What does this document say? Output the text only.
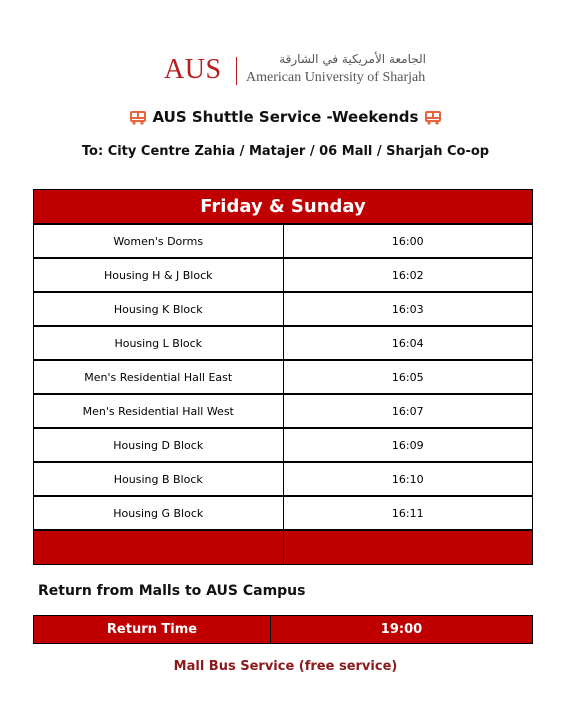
AUS	الجامعة الأمريكية في الشارقة
American University of Sharjah
AUS Shuttle Service -Weekends
To: City Centre Zahia / Matajer / 06 Mall / Sharjah Co-op
Friday & Sunday	
Women's Dorms	16:00
Housing H & J Block	16:02
Housing K Block	16:03
Housing L Block	16:04
Men's Residential Hall East	16:05
Men's Residential Hall West	16:07
Housing D Block	16:09
Housing B Block	16:10
Housing G Block	16:11

Return from Malls to AUS Campus
Return Time	19:00
Mall Bus Service (free service)
